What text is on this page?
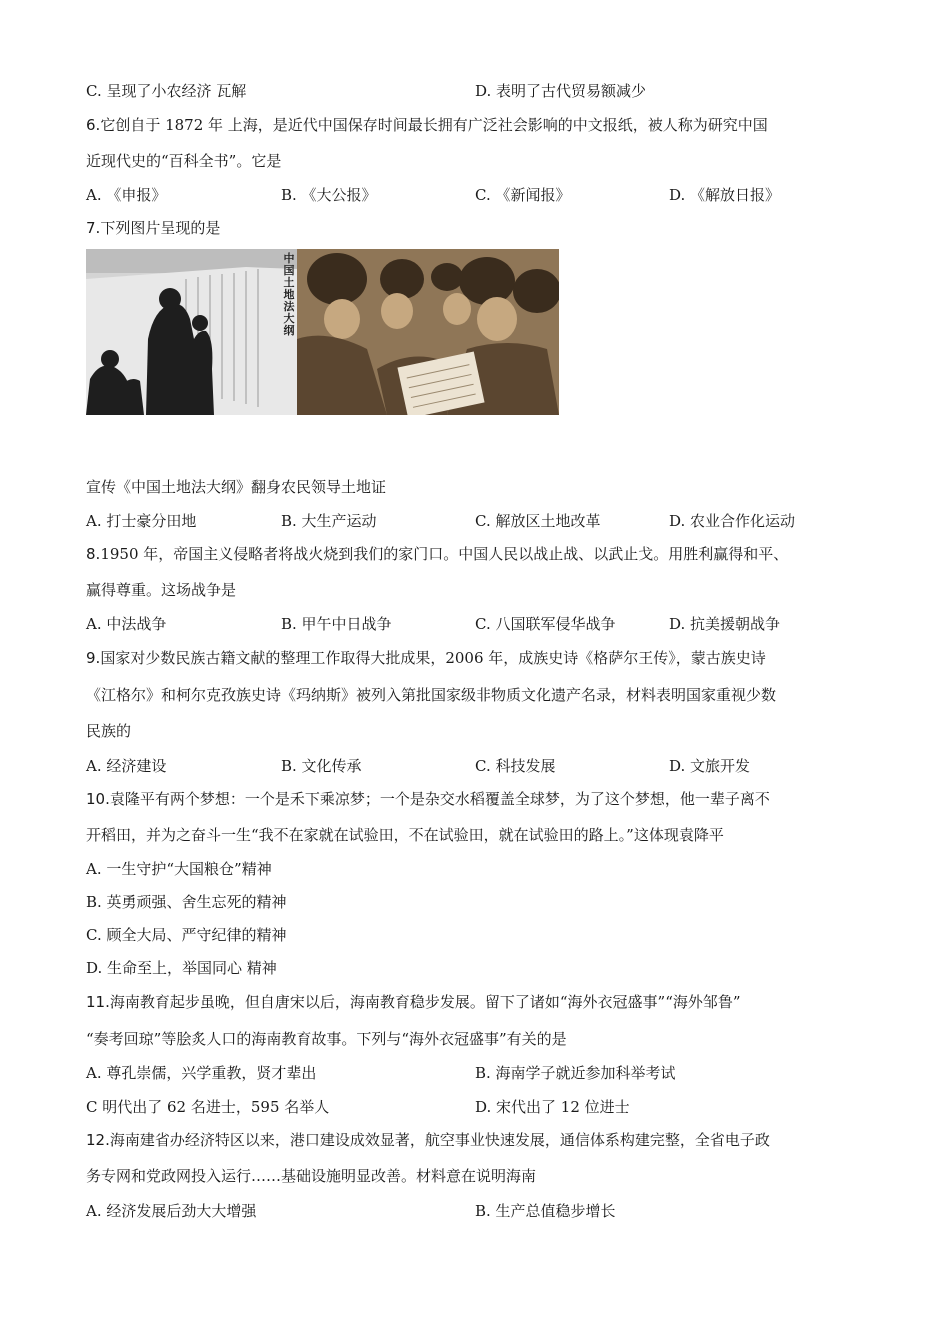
C. 呈现了小农经济 瓦解	D. 表明了古代贸易额减少
6.它创自于 1872 年 上海，是近代中国保存时间最长拥有广泛社会影响的中文报纸，被人称为研究中国
近现代史的“百科全书”。它是
A. 《申报》	B. 《大公报》	C. 《新闻报》	D. 《解放日报》
7.下列图片呈现的是
中国土地法大纲
宣传《中国土地法大纲》翻身农民领导土地证
A. 打士豪分田地	B. 大生产运动	C. 解放区土地改革	D. 农业合作化运动
8.1950 年，帝国主义侵略者将战火烧到我们的家门口。中国人民以战止战、以武止戈。用胜利赢得和平、
赢得尊重。这场战争是
A. 中法战争	B. 甲午中日战争	C. 八国联军侵华战争	D. 抗美援朝战争
9.国家对少数民族古籍文献的整理工作取得大批成果，2006 年，成族史诗《格萨尔王传》，蒙古族史诗
《江格尔》和柯尔克孜族史诗《玛纳斯》被列入第批国家级非物质文化遗产名录，材料表明国家重视少数
民族的
A. 经济建设	B. 文化传承	C. 科技发展	D. 文旅开发
10.袁隆平有两个梦想：一个是禾下乘凉梦；一个是杂交水稻覆盖全球梦，为了这个梦想，他一辈子离不
开稻田，并为之奋斗一生“我不在家就在试验田，不在试验田，就在试验田的路上。”这体现袁降平
A. 一生守护“大国粮仓”精神
B. 英勇顽强、舍生忘死的精神
C. 顾全大局、严守纪律的精神
D. 生命至上，举国同心 精神
11.海南教育起步虽晚，但自唐宋以后，海南教育稳步发展。留下了诸如“海外衣冠盛事”“海外邹鲁”
“奏考回琼”等脍炙人口的海南教育故事。下列与“海外衣冠盛事”有关的是
A. 尊孔崇儒，兴学重教，贤才辈出	B. 海南学子就近参加科举考试
C 明代出了 62 名进士，595 名举人	D. 宋代出了 12 位进士
12.海南建省办经济特区以来，港口建设成效显著，航空事业快速发展，通信体系构建完整，全省电子政
务专网和党政网投入运行……基础设施明显改善。材料意在说明海南
A. 经济发展后劲大大增强	B. 生产总值稳步增长
